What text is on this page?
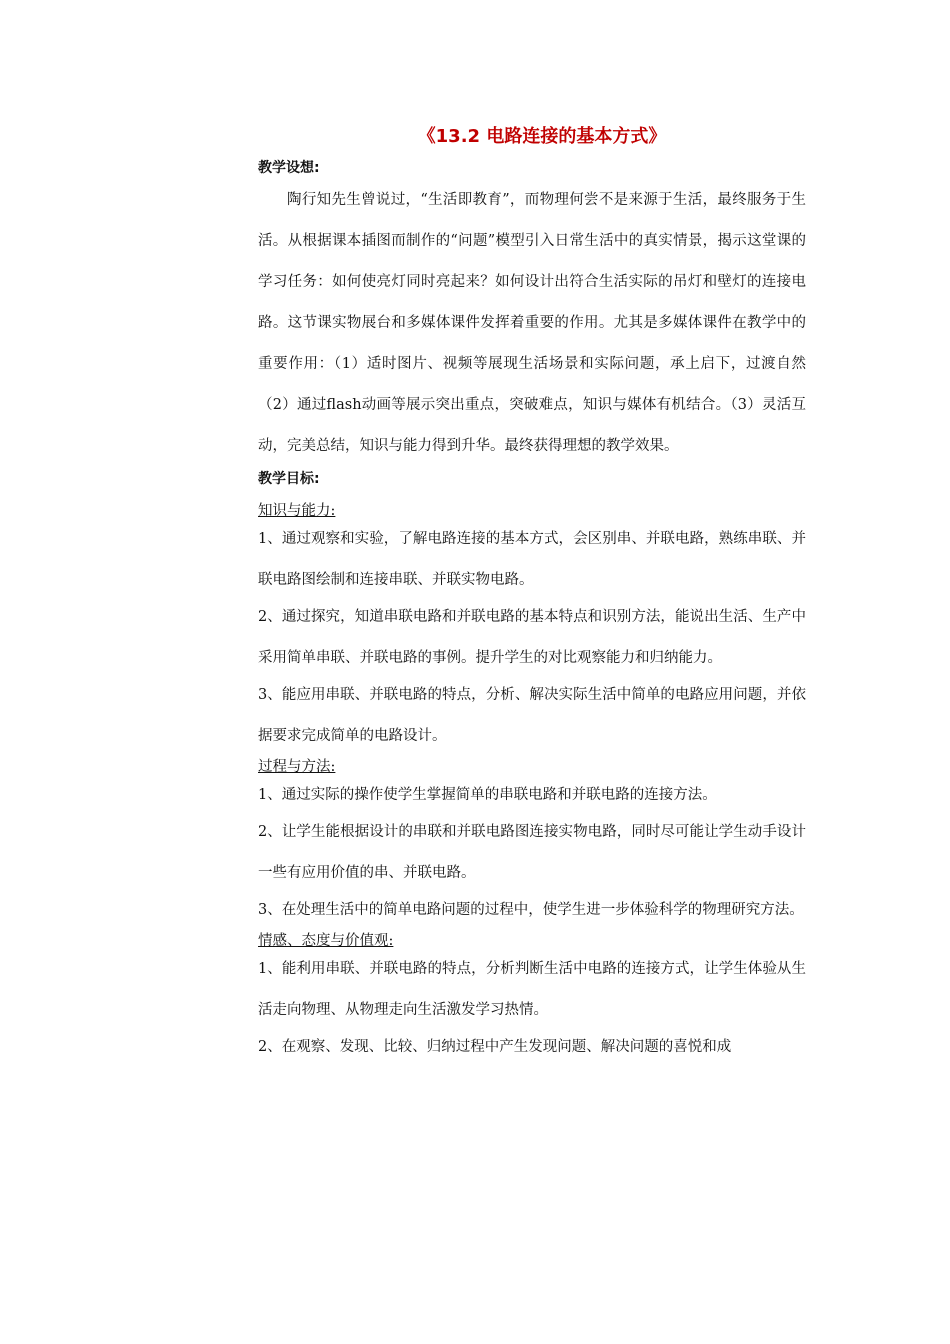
《13.2 电路连接的基本方式》
教学设想:

陶行知先生曾说过，“生活即教育”，而物理何尝不是来源于生活，最终服务于生活。从根据课本插图而制作的“问题”模型引入日常生活中的真实情景，揭示这堂课的学习任务：如何使亮灯同时亮起来？如何设计出符合生活实际的吊灯和壁灯的连接电路。这节课实物展台和多媒体课件发挥着重要的作用。尤其是多媒体课件在教学中的重要作用：（1）适时图片、视频等展现生活场景和实际问题，承上启下，过渡自然（2）通过flash动画等展示突出重点，突破难点，知识与媒体有机结合。（3）灵活互动，完美总结，知识与能力得到升华。最终获得理想的教学效果。

教学目标:
知识与能力:

1、通过观察和实验，了解电路连接的基本方式，会区别串、并联电路，熟练串联、并联电路图绘制和连接串联、并联实物电路。

2、通过探究，知道串联电路和并联电路的基本特点和识别方法，能说出生活、生产中采用简单串联、并联电路的事例。提升学生的对比观察能力和归纳能力。

3、能应用串联、并联电路的特点，分析、解决实际生活中简单的电路应用问题，并依据要求完成简单的电路设计。

过程与方法:

1、通过实际的操作使学生掌握简单的串联电路和并联电路的连接方法。

2、让学生能根据设计的串联和并联电路图连接实物电路，同时尽可能让学生动手设计一些有应用价值的串、并联电路。

3、在处理生活中的简单电路问题的过程中，使学生进一步体验科学的物理研究方法。

情感、态度与价值观:

1、能利用串联、并联电路的特点，分析判断生活中电路的连接方式，让学生体验从生活走向物理、从物理走向生活激发学习热情。

2、在观察、发现、比较、归纳过程中产生发现问题、解决问题的喜悦和成
